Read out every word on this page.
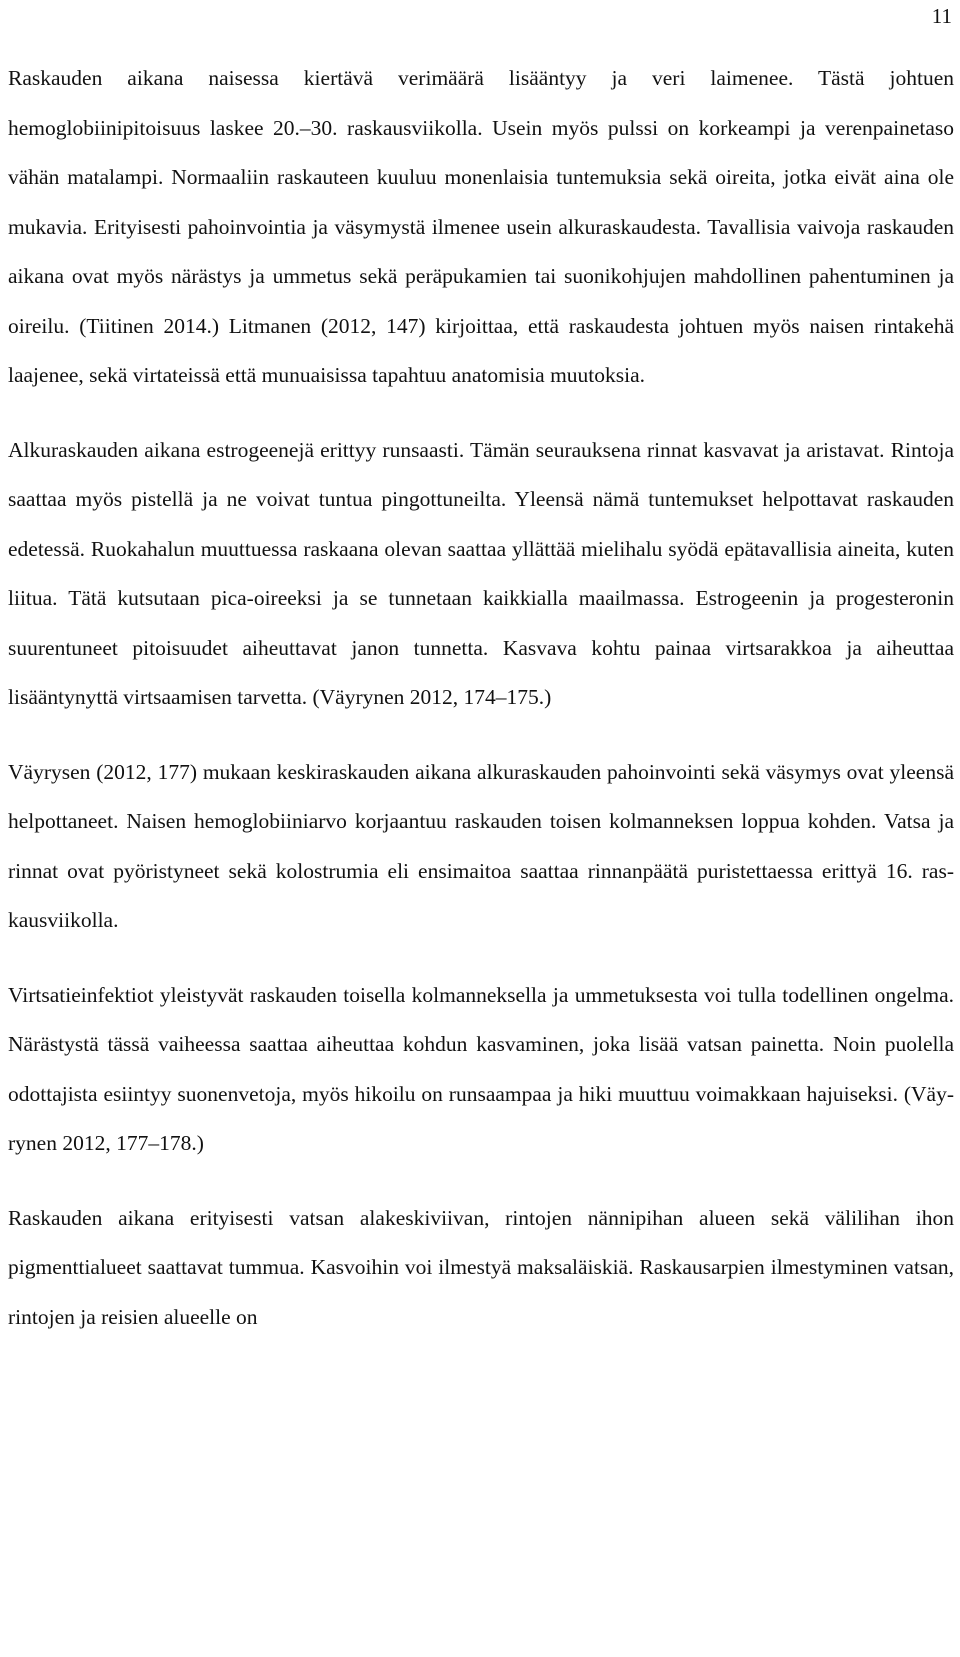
11

Raskauden aikana naisessa kiertävä verimäärä lisääntyy ja veri laimenee. Tästä johtuen hemoglobiinipitoisuus laskee 20.–30. raskausviikolla. Usein myös pulssi on korkeampi ja verenpainetaso vähän matalampi. Normaaliin raskauteen kuuluu monenlaisia tuntemuksia sekä oireita, jotka eivät aina ole mukavia. Erityisesti pahoinvointia ja väsymystä ilmenee usein alkuraskaudesta. Tavallisia vaivoja raskauden aikana ovat myös närästys ja ummetus sekä peräpukamien tai suonikohjujen mahdollinen pahentuminen ja oireilu. (Tiitinen 2014.) Litmanen (2012, 147) kirjoittaa, että raskaudesta johtuen myös naisen rintakehä laajenee, sekä virtateissä että munuaisissa tapahtuu anatomisia muutoksia.

Alkuraskauden aikana estrogeenejä erittyy runsaasti. Tämän seurauksena rinnat kasvavat ja aristavat. Rintoja saattaa myös pistellä ja ne voivat tuntua pingottuneilta. Yleensä nämä tuntemukset helpottavat raskauden edetessä. Ruokahalun muuttuessa raskaana olevan saattaa yllättää mielihalu syödä epätavallisia aineita, kuten liitua. Tätä kutsutaan pica-oireeksi ja se tunnetaan kaikkialla maailmassa. Estrogeenin ja progesteronin suurentuneet pitoisuudet aiheuttavat janon tunnetta. Kasvava kohtu painaa virtsarakkoa ja aiheuttaa lisääntynyttä virtsaamisen tarvetta. (Väyrynen 2012, 174–175.)

Väyrysen (2012, 177) mukaan keskiraskauden aikana alkuraskauden pahoinvointi sekä väsymys ovat yleensä helpottaneet. Naisen hemoglobiiniarvo korjaantuu raskauden toisen kolmanneksen loppua kohden. Vatsa ja rinnat ovat pyöristyneet sekä kolostrumia eli ensimaitoa saattaa rinnanpäätä puristettaessa erittyä 16. raskausviikolla.

Virtsatieinfektiot yleistyvät raskauden toisella kolmanneksella ja ummetuksesta voi tulla todellinen ongelma. Närästystä tässä vaiheessa saattaa aiheuttaa kohdun kasvaminen, joka lisää vatsan painetta. Noin puolella odottajista esiintyy suonenvetoja, myös hikoilu on runsaampaa ja hiki muuttuu voimakkaan hajuiseksi. (Väyrynen 2012, 177–178.)

Raskauden aikana erityisesti vatsan alakeskiviivan, rintojen nännipihan alueen sekä välilihan ihon pigmenttialueet saattavat tummua. Kasvoihin voi ilmestyä maksaläiskiä. Raskausarpien ilmestyminen vatsan, rintojen ja reisien alueelle on
